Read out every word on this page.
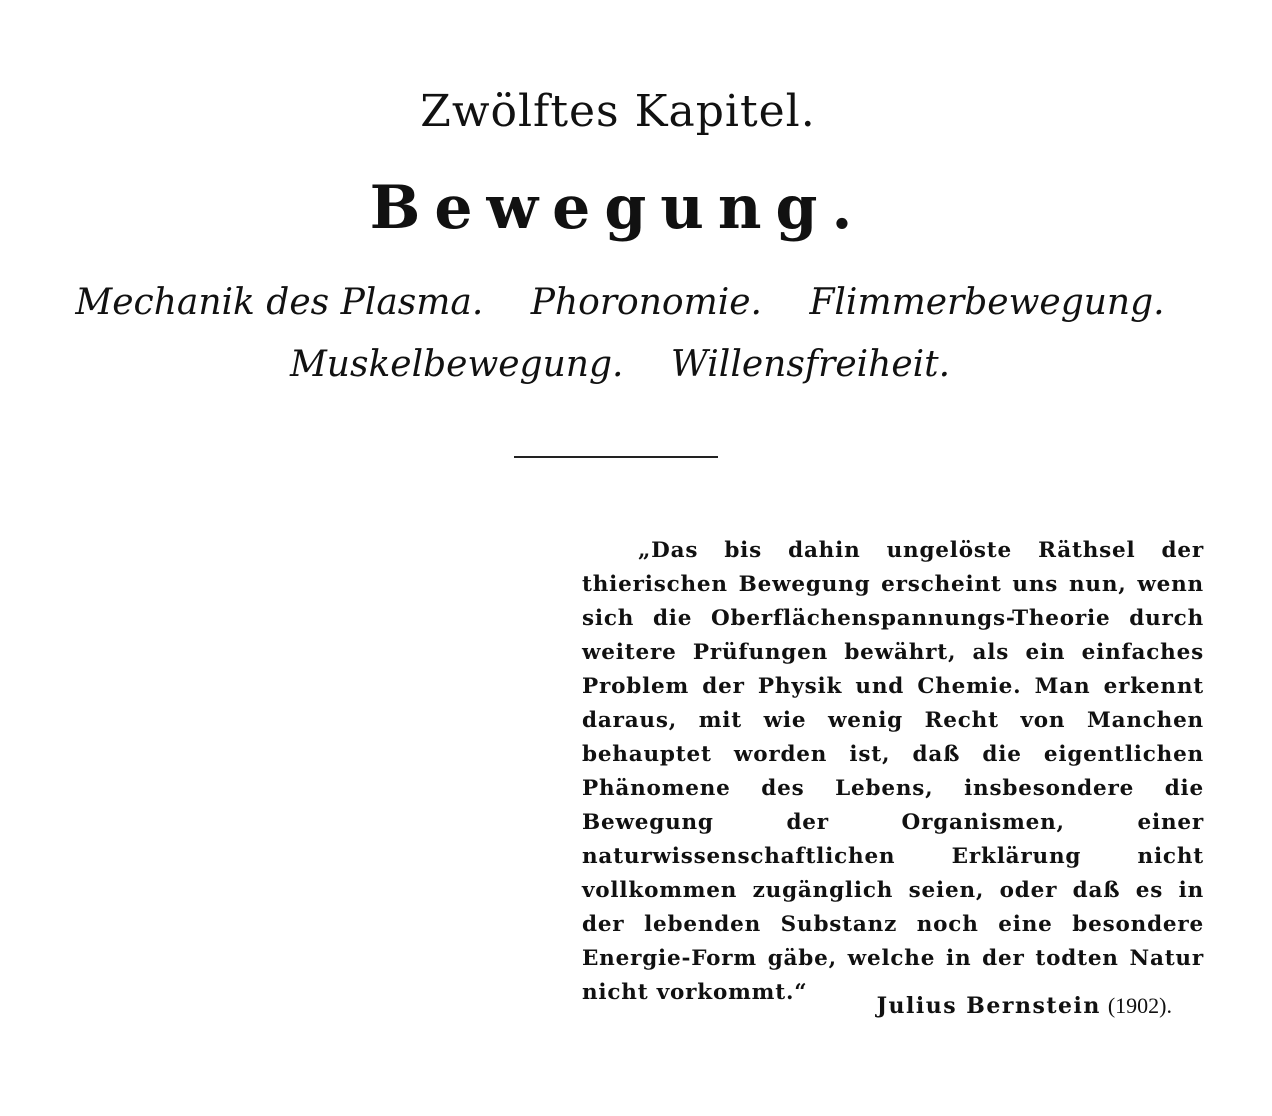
Zwölftes Kapitel.
Bewegung.
Mechanik des Plasma. Phoronomie. Flimmerbewegung.
Muskelbewegung. Willensfreiheit.
„Das bis dahin ungelöste Räthsel der thierischen Bewegung erscheint uns nun, wenn sich die Oberflächenspannungs-Theorie durch weitere Prüfungen bewährt, als ein einfaches Problem der Physik und Chemie. Man erkennt daraus, mit wie wenig Recht von Manchen behauptet worden ist, daß die eigentlichen Phänomene des Lebens, insbesondere die Bewegung der Organismen, einer naturwissenschaftlichen Erklärung nicht vollkommen zugänglich seien, oder daß es in der lebenden Substanz noch eine besondere Energie-Form gäbe, welche in der todten Natur nicht vorkommt.“
Julius Bernstein (1902).
